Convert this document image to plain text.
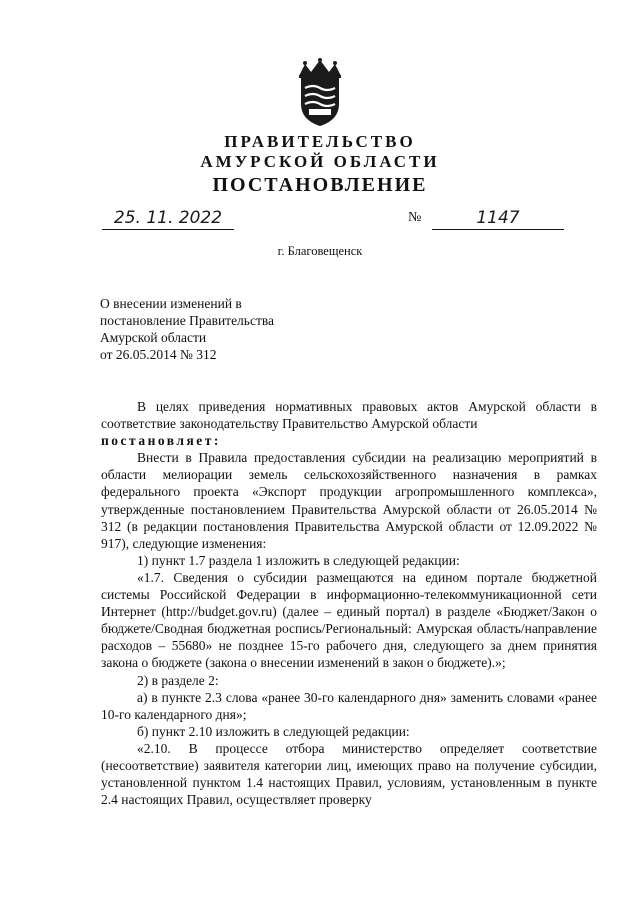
ПРАВИТЕЛЬСТВО
АМУРСКОЙ ОБЛАСТИ
ПОСТАНОВЛЕНИЕ
25. 11. 2022	№	1147
г. Благовещенск
О внесении изменений в
постановление Правительства
Амурской области
от 26.05.2014 № 312

В целях приведения нормативных правовых актов Амурской области в соответствие законодательству Правительство Амурской области

постановляет:

Внести в Правила предоставления субсидии на реализацию мероприятий в области мелиорации земель сельскохозяйственного назначения в рамках федерального проекта «Экспорт продукции агропромышленного комплекса», утвержденные постановлением Правительства Амурской области от 26.05.2014 № 312 (в редакции постановления Правительства Амурской области от 12.09.2022 № 917), следующие изменения:

1) пункт 1.7 раздела 1 изложить в следующей редакции:

«1.7. Сведения о субсидии размещаются на едином портале бюджетной системы Российской Федерации в информационно-телекоммуникационной сети Интернет (http://budget.gov.ru) (далее – единый портал) в разделе «Бюджет/Закон о бюджете/Сводная бюджетная роспись/Региональный: Амурская область/направление расходов – 55680» не позднее 15-го рабочего дня, следующего за днем принятия закона о бюджете (закона о внесении изменений в закон о бюджете).»;

2) в разделе 2:

а) в пункте 2.3 слова «ранее 30-го календарного дня» заменить словами «ранее 10-го календарного дня»;

б) пункт 2.10 изложить в следующей редакции:

«2.10. В процессе отбора министерство определяет соответствие (несоответствие) заявителя категории лиц, имеющих право на получение субсидии, установленной пунктом 1.4 настоящих Правил, условиям, установленным в пункте 2.4 настоящих Правил, осуществляет проверку
